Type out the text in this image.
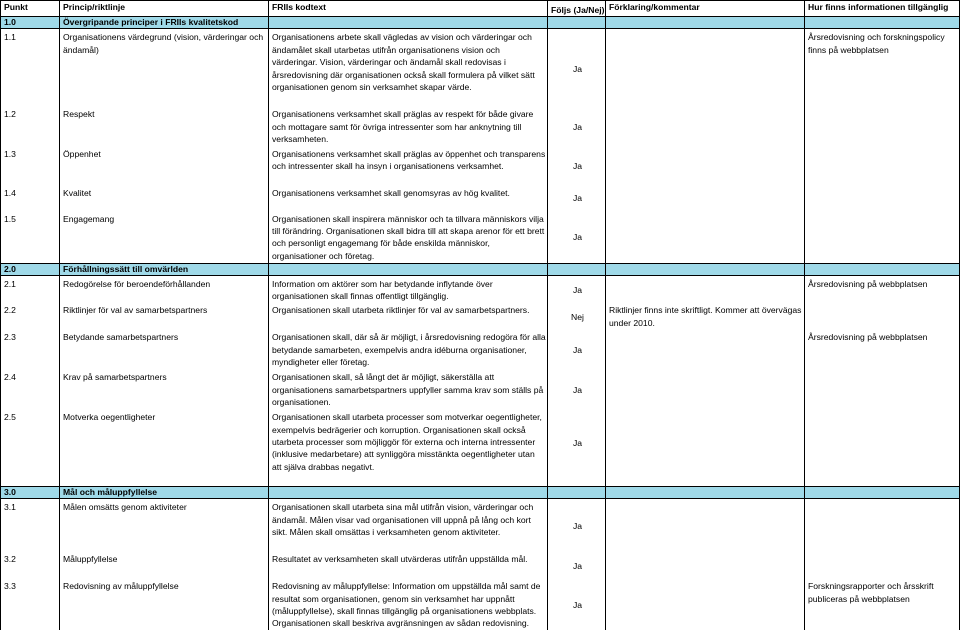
Punkt	Princip/riktlinje	FRIIs kodtext	Följs (Ja/Nej)	Förklaring/kommentar	Hur finns informationen tillgänglig
1.0	Övergripande principer i FRIIs kvalitetskod				
1.1	Organisationens värdegrund (vision, värderingar och ändamål)	Organisationens arbete skall vägledas av vision och värderingar och ändamålet skall utarbetas utifrån organisationens vision och värderingar. Vision, värderingar och ändamål skall redovisas i årsredovisning där organisationen också skall formulera på vilket sätt organisationen genom sin verksamhet skapar värde.	Ja		Årsredovisning och forskningspolicy finns på webbplatsen
1.2	Respekt	Organisationens verksamhet skall präglas av respekt för både givare och mottagare samt för övriga intressenter som har anknytning till verksamheten.	Ja		
1.3	Öppenhet	Organisationens verksamhet skall präglas av öppenhet och transparens och intressenter skall ha insyn i organisationens verksamhet.	Ja		
1.4	Kvalitet	Organisationens verksamhet skall genomsyras av hög kvalitet.	Ja		
1.5	Engagemang	Organisationen skall inspirera människor och ta tillvara människors vilja till förändring. Organisationen skall bidra till att skapa arenor för ett brett och personligt engagemang för både enskilda människor, organisationer och företag.	Ja		
2.0	Förhållningssätt till omvärlden				
2.1	Redogörelse för beroendeförhållanden	Information om aktörer som har betydande inflytande över organisationen skall finnas offentligt tillgänglig.	Ja		Årsredovisning på webbplatsen
2.2	Riktlinjer för val av samarbetspartners	Organisationen skall utarbeta riktlinjer för val av samarbetspartners.	Nej	Riktlinjer finns inte skriftligt. Kommer att övervägas under 2010.	
2.3	Betydande samarbetspartners	Organisationen skall, där så är möjligt, i årsredovisning redogöra för alla betydande samarbeten, exempelvis andra idéburna organisationer, myndigheter eller företag.	Ja		Årsredovisning på webbplatsen
2.4	Krav på samarbetspartners	Organisationen skall, så långt det är möjligt, säkerställa att organisationens samarbetspartners uppfyller samma krav som ställs på organisationen.	Ja		
2.5	Motverka oegentligheter	Organisationen skall utarbeta processer som motverkar oegentligheter, exempelvis bedrägerier och korruption. Organisationen skall också utarbeta processer som möjliggör för externa och interna intressenter (inklusive medarbetare) att synliggöra misstänkta oegentligheter utan att själva drabbas negativt.	Ja		

3.0	Mål och måluppfyllelse				
3.1	Målen omsätts genom aktiviteter	Organisationen skall utarbeta sina mål utifrån vision, värderingar och ändamål. Målen visar vad organisationen vill uppnå på lång och kort sikt. Målen skall omsättas i verksamheten genom aktiviteter.	Ja		
3.2	Måluppfyllelse	Resultatet av verksamheten skall utvärderas utifrån uppställda mål.	Ja		
3.3	Redovisning av måluppfyllelse	Redovisning av måluppfyllelse: Information om uppställda mål samt de resultat som organisationen, genom sin verksamhet har uppnått (måluppfyllelse), skall finnas tillgänglig på organisationens webbplats. Organisationen skall beskriva avgränsningen av sådan redovisning.	Ja		Forskningsrapporter och årsskrift publiceras på webbplatsen
